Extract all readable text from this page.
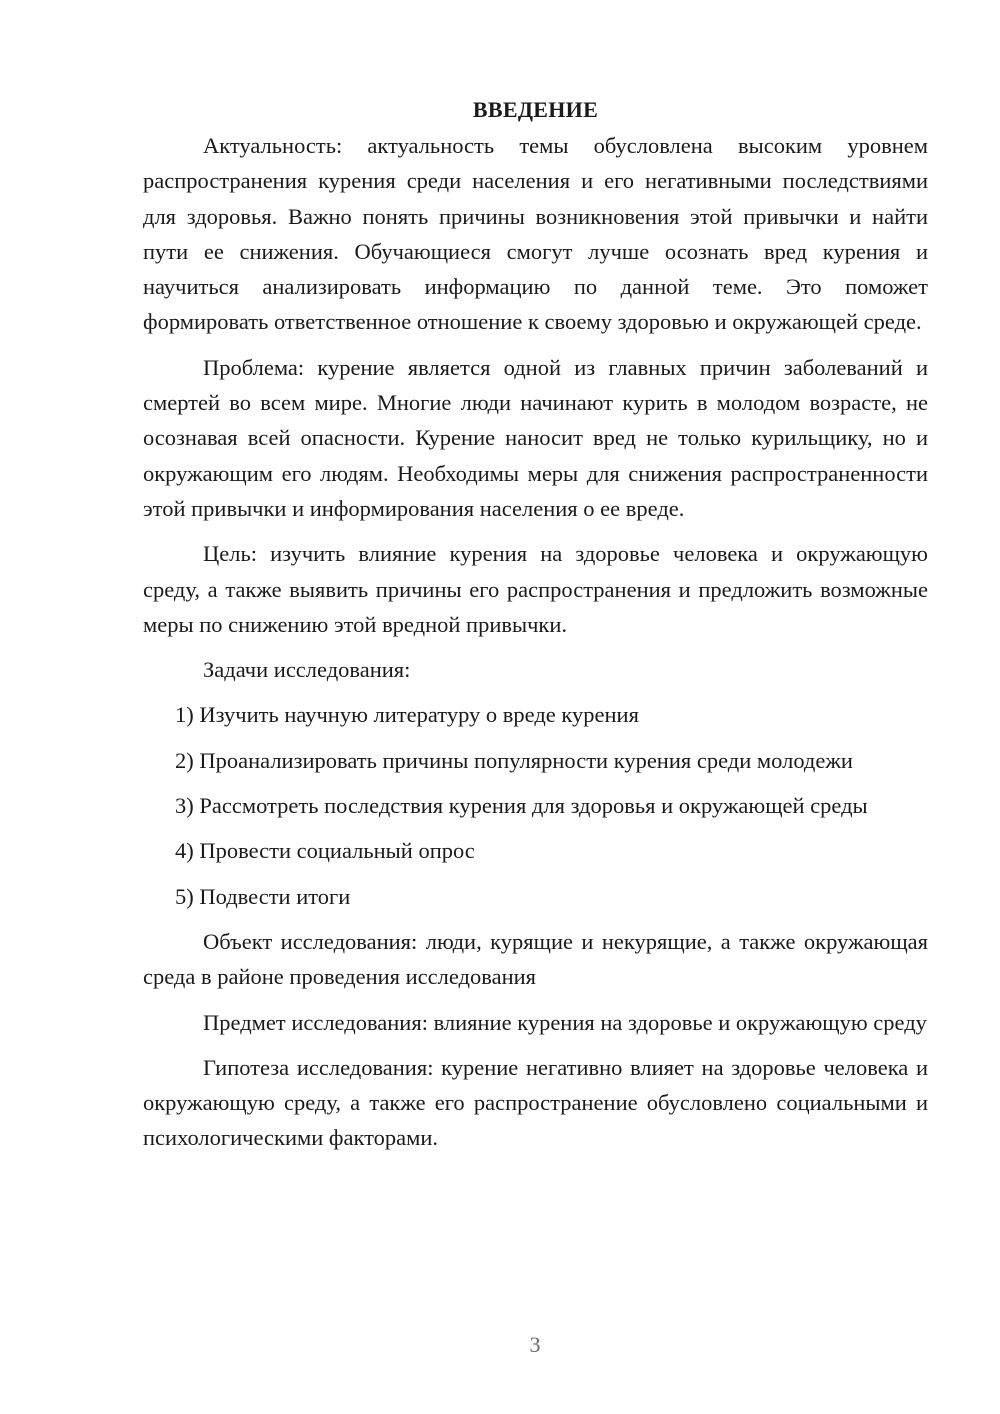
ВВЕДЕНИЕ

Актуальность: актуальность темы обусловлена высоким уровнем распространения курения среди населения и его негативными последствиями для здоровья. Важно понять причины возникновения этой привычки и найти пути ее снижения. Обучающиеся смогут лучше осознать вред курения и научиться анализировать информацию по данной теме. Это поможет формировать ответственное отношение к своему здоровью и окружающей среде.

Проблема: курение является одной из главных причин заболеваний и смертей во всем мире. Многие люди начинают курить в молодом возрасте, не осознавая всей опасности. Курение наносит вред не только курильщику, но и окружающим его людям. Необходимы меры для снижения распространенности этой привычки и информирования населения о ее вреде.

Цель: изучить влияние курения на здоровье человека и окружающую среду, а также выявить причины его распространения и предложить возможные меры по снижению этой вредной привычки.

Задачи исследования:

1) Изучить научную литературу о вреде курения

2) Проанализировать причины популярности курения среди молодежи

3) Рассмотреть последствия курения для здоровья и окружающей среды

4) Провести социальный опрос

5) Подвести итоги

Объект исследования: люди, курящие и некурящие, а также окружающая среда в районе проведения исследования

Предмет исследования: влияние курения на здоровье и окружающую среду

Гипотеза исследования: курение негативно влияет на здоровье человека и окружающую среду, а также его распространение обусловлено социальными и психологическими факторами.

3
